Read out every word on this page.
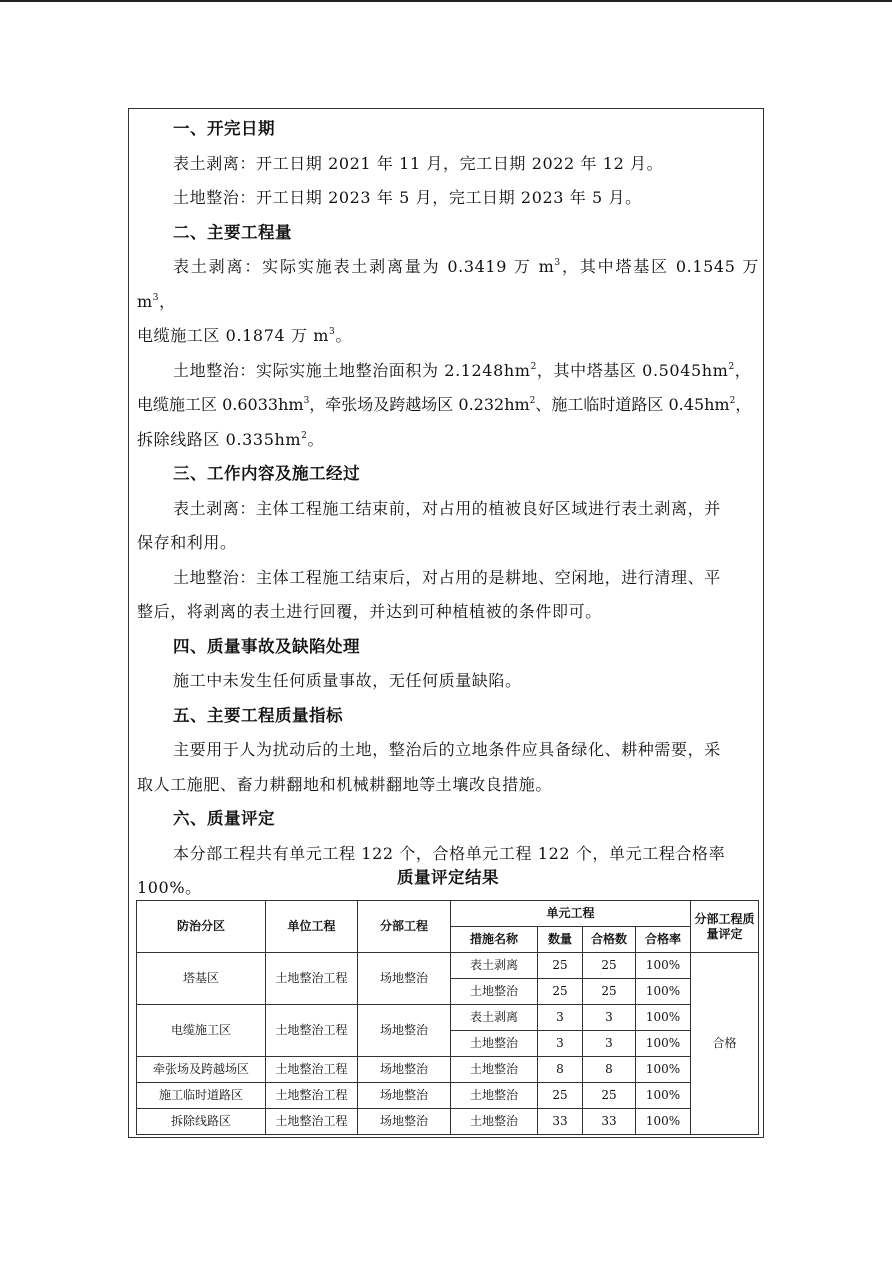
一、开完日期
表土剥离：开工日期 2021 年 11 月，完工日期 2022 年 12 月。
土地整治：开工日期 2023 年 5 月，完工日期 2023 年 5 月。
二、主要工程量
表土剥离：实际实施表土剥离量为 0.3419 万 $m^3$，其中塔基区 0.1545 万 $m^3$，
电缆施工区 0.1874 万 $m^3$。
土地整治：实际实施土地整治面积为 $2.1248hm^2$，其中塔基区 $0.5045hm^2$，
电缆施工区 $0.6033hm^3$，牵张场及跨越场区 $0.232hm^2$、施工临时道路区 $0.45hm^2$，
拆除线路区 $0.335hm^2$。
三、工作内容及施工经过
表土剥离：主体工程施工结束前，对占用的植被良好区域进行表土剥离，并
保存和利用。
土地整治：主体工程施工结束后，对占用的是耕地、空闲地，进行清理、平
整后，将剥离的表土进行回覆，并达到可种植植被的条件即可。
四、质量事故及缺陷处理
施工中未发生任何质量事故，无任何质量缺陷。
五、主要工程质量指标
主要用于人为扰动后的土地，整治后的立地条件应具备绿化、耕种需要，采
取人工施肥、畜力耕翻地和机械耕翻地等土壤改良措施。
六、质量评定
本分部工程共有单元工程 122 个，合格单元工程 122 个，单元工程合格率
100%。
质量评定结果
防治分区	单位工程	分部工程	单元工程				分部工程质
量评定
			措施名称	数量	合格数	合格率	
塔基区	土地整治工程	场地整治	表土剥离	25	25	100%	合格
			土地整治	25	25	100%	
电缆施工区	土地整治工程	场地整治	表土剥离	3	3	100%	
			土地整治	3	3	100%	
牵张场及跨越场区	土地整治工程	场地整治	土地整治	8	8	100%	
施工临时道路区	土地整治工程	场地整治	土地整治	25	25	100%	
拆除线路区	土地整治工程	场地整治	土地整治	33	33	100%	
